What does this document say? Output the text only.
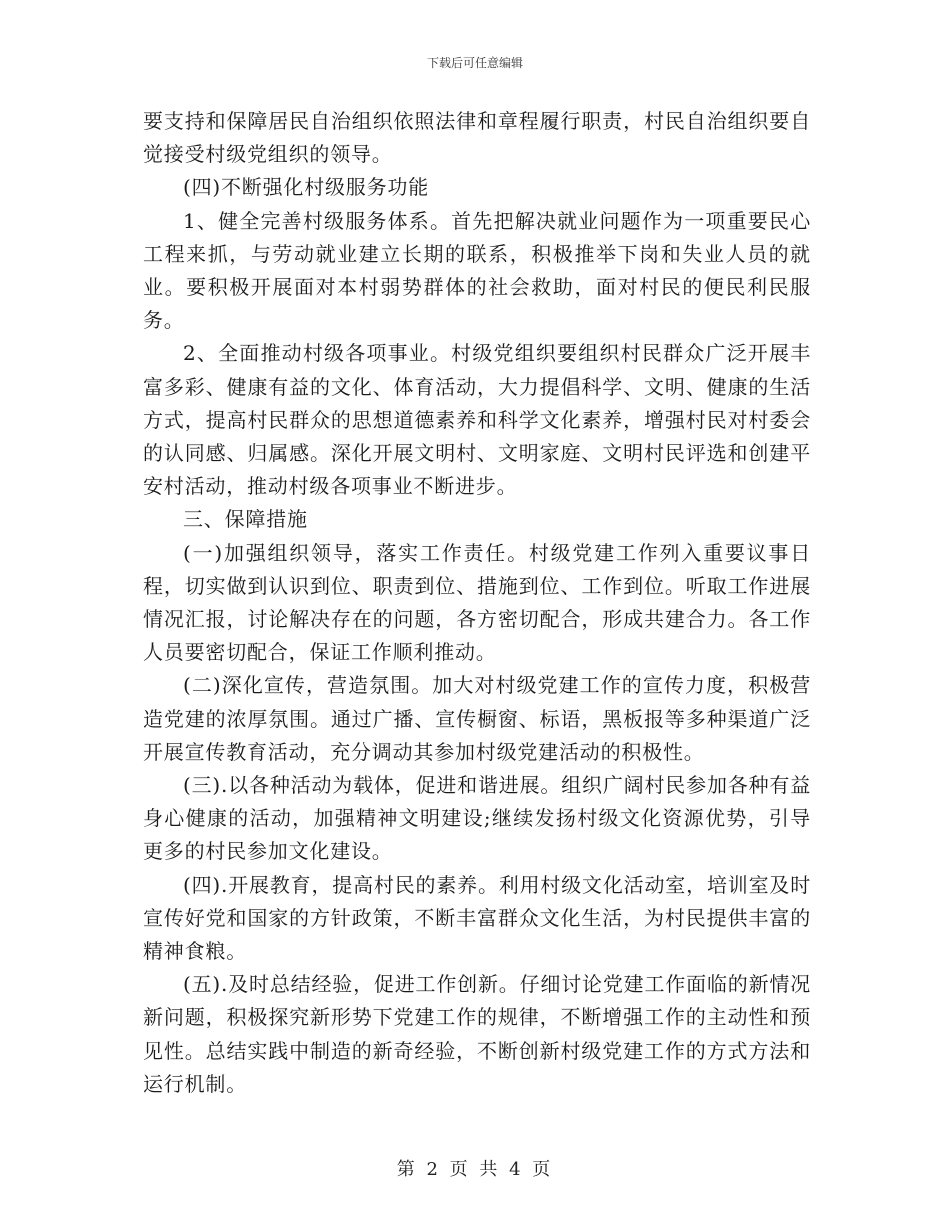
下载后可任意编辑

要支持和保障居民自治组织依照法律和章程履行职责，村民自治组织要自觉接受村级党组织的领导。

(四)不断强化村级服务功能

1、健全完善村级服务体系。首先把解决就业问题作为一项重要民心工程来抓，与劳动就业建立长期的联系，积极推举下岗和失业人员的就业。要积极开展面对本村弱势群体的社会救助，面对村民的便民利民服务。

2、全面推动村级各项事业。村级党组织要组织村民群众广泛开展丰富多彩、健康有益的文化、体育活动，大力提倡科学、文明、健康的生活方式，提高村民群众的思想道德素养和科学文化素养，增强村民对村委会的认同感、归属感。深化开展文明村、文明家庭、文明村民评选和创建平安村活动，推动村级各项事业不断进步。

三、保障措施

(一)加强组织领导，落实工作责任。村级党建工作列入重要议事日程，切实做到认识到位、职责到位、措施到位、工作到位。听取工作进展情况汇报，讨论解决存在的问题，各方密切配合，形成共建合力。各工作人员要密切配合，保证工作顺利推动。

(二)深化宣传，营造氛围。加大对村级党建工作的宣传力度，积极营造党建的浓厚氛围。通过广播、宣传橱窗、标语，黑板报等多种渠道广泛开展宣传教育活动，充分调动其参加村级党建活动的积极性。

(三).以各种活动为载体，促进和谐进展。组织广阔村民参加各种有益身心健康的活动，加强精神文明建设;继续发扬村级文化资源优势，引导更多的村民参加文化建设。

(四).开展教育，提高村民的素养。利用村级文化活动室，培训室及时宣传好党和国家的方针政策，不断丰富群众文化生活，为村民提供丰富的精神食粮。

(五).及时总结经验，促进工作创新。仔细讨论党建工作面临的新情况新问题，积极探究新形势下党建工作的规律，不断增强工作的主动性和预见性。总结实践中制造的新奇经验，不断创新村级党建工作的方式方法和运行机制。

第 2 页 共 4 页
